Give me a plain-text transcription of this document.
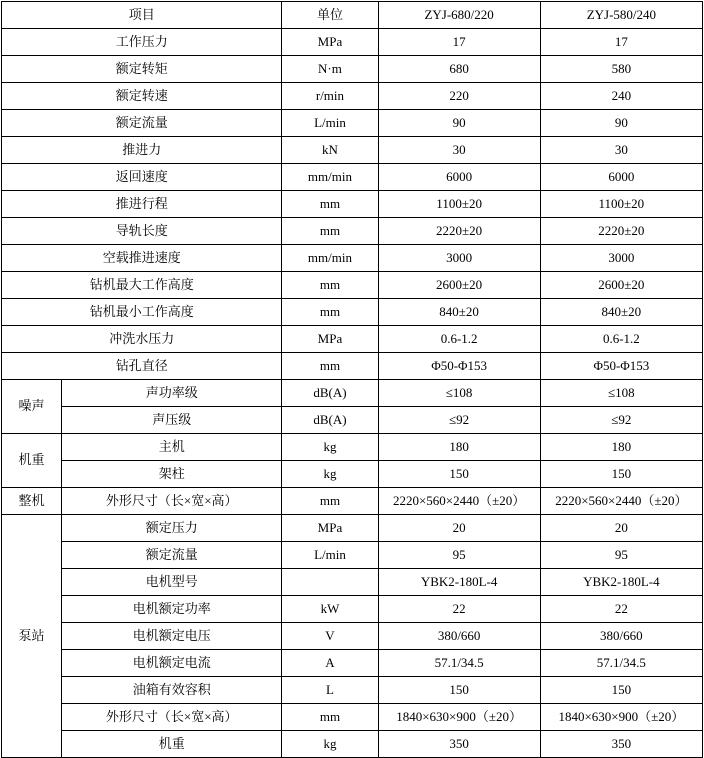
项目		单位	ZYJ-680/220	ZYJ-580/240
工作压力		MPa	17	17
额定转矩		N·m	680	580
额定转速		r/min	220	240
额定流量		L/min	90	90
推进力		kN	30	30
返回速度		mm/min	6000	6000
推进行程		mm	1100±20	1100±20
导轨长度		mm	2220±20	2220±20
空载推进速度		mm/min	3000	3000
钻机最大工作高度		mm	2600±20	2600±20
钻机最小工作高度		mm	840±20	840±20
冲洗水压力		MPa	0.6-1.2	0.6-1.2
钻孔直径		mm	Φ50-Φ153	Φ50-Φ153
噪声	声功率级	dB(A)	≤108	≤108
	声压级	dB(A)	≤92	≤92
机重	主机	kg	180	180
	架柱	kg	150	150
整机	外形尺寸（长×宽×高）	mm	2220×560×2440（±20）	2220×560×2440（±20）
泵站	额定压力	MPa	20	20
	额定流量	L/min	95	95
	电机型号		YBK2-180L-4	YBK2-180L-4
	电机额定功率	kW	22	22
	电机额定电压	V	380/660	380/660
	电机额定电流	A	57.1/34.5	57.1/34.5
	油箱有效容积	L	150	150
	外形尺寸（长×宽×高）	mm	1840×630×900（±20）	1840×630×900（±20）
	机重	kg	350	350
